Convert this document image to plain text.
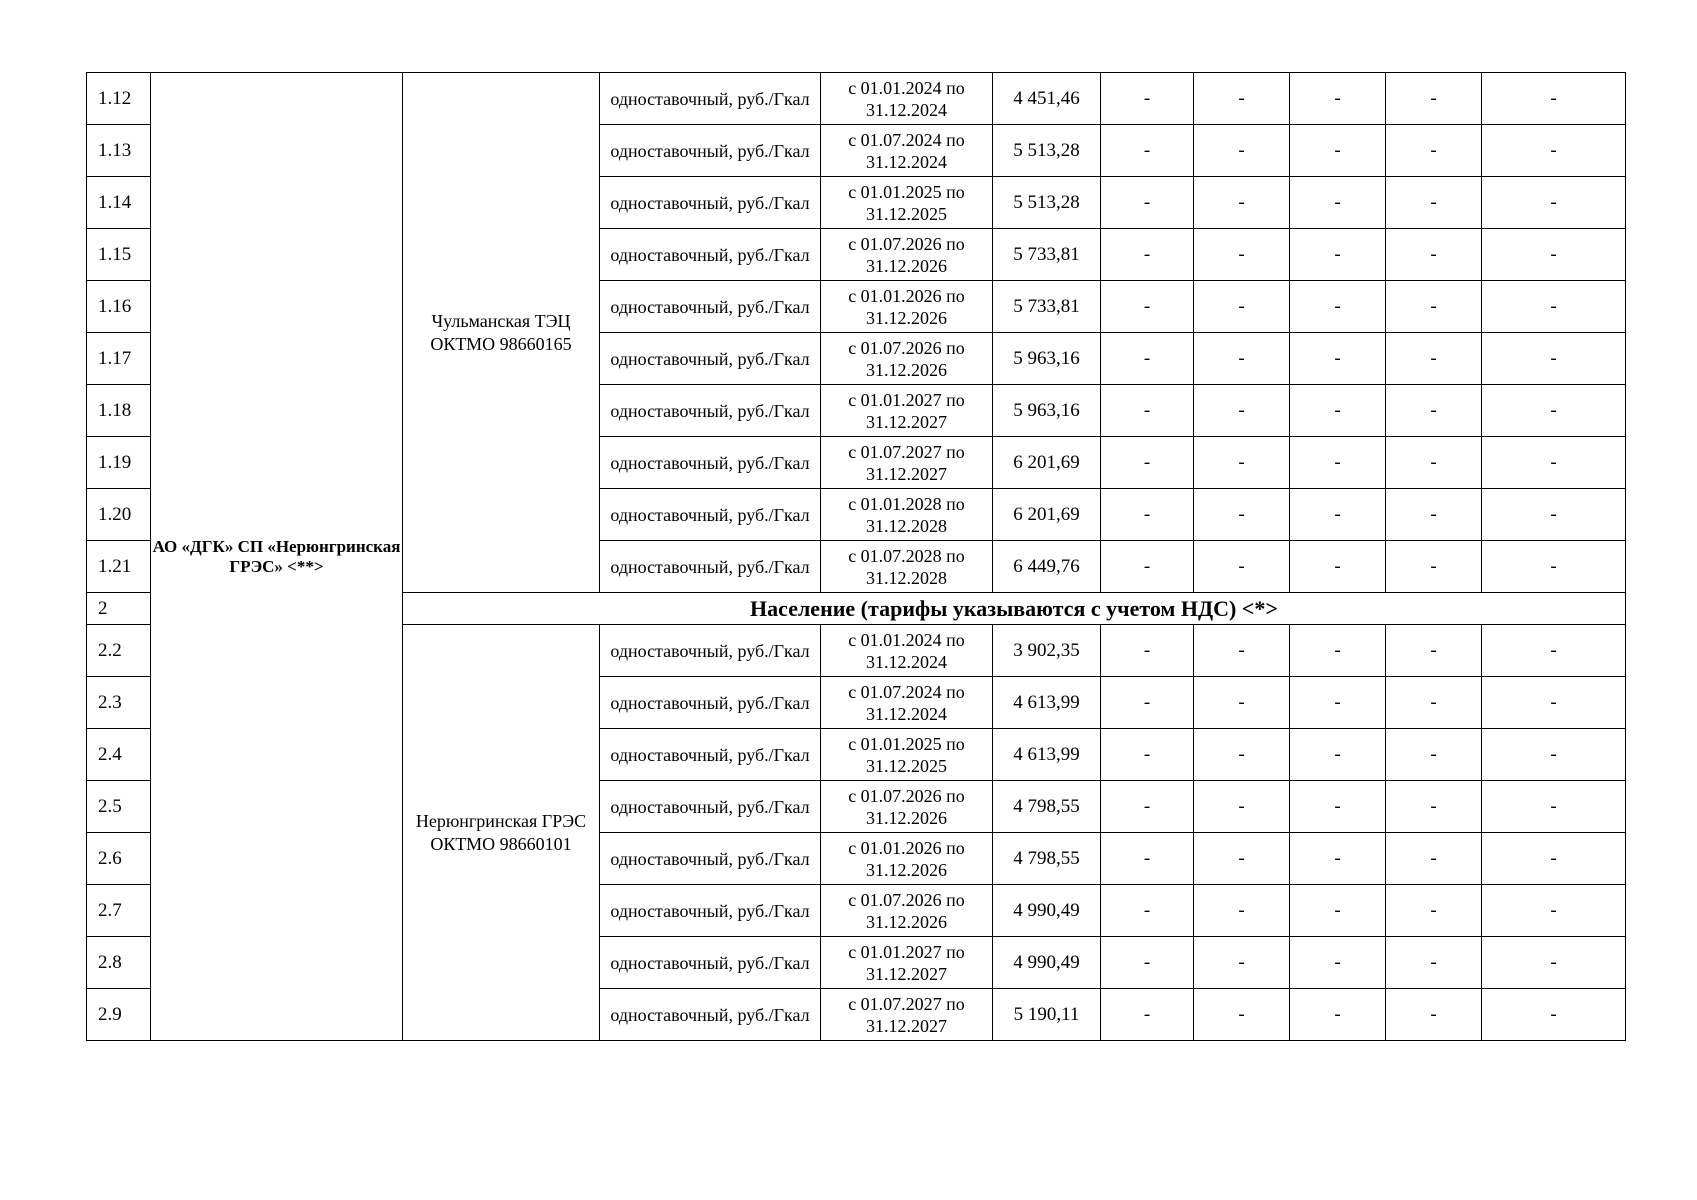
1.12	АО «ДГК» СП «Нерюнгринская ГРЭС» <**>	Чульманская ТЭЦ ОКТМО 98660165	одноставочный, руб./Гкал	с 01.01.2024 по 31.12.2024	4 451,46	-	-	-	-	-
1.13			одноставочный, руб./Гкал	с 01.07.2024 по 31.12.2024	5 513,28	-	-	-	-	-
1.14			одноставочный, руб./Гкал	с 01.01.2025 по 31.12.2025	5 513,28	-	-	-	-	-
1.15			одноставочный, руб./Гкал	с 01.07.2026 по 31.12.2026	5 733,81	-	-	-	-	-
1.16			одноставочный, руб./Гкал	с 01.01.2026 по 31.12.2026	5 733,81	-	-	-	-	-
1.17			одноставочный, руб./Гкал	с 01.07.2026 по 31.12.2026	5 963,16	-	-	-	-	-
1.18			одноставочный, руб./Гкал	с 01.01.2027 по 31.12.2027	5 963,16	-	-	-	-	-
1.19			одноставочный, руб./Гкал	с 01.07.2027 по 31.12.2027	6 201,69	-	-	-	-	-
1.20			одноставочный, руб./Гкал	с 01.01.2028 по 31.12.2028	6 201,69	-	-	-	-	-
1.21			одноставочный, руб./Гкал	с 01.07.2028 по 31.12.2028	6 449,76	-	-	-	-	-
2		Население (тарифы указываются с учетом НДС) <*>								
2.2		Нерюнгринская ГРЭС ОКТМО 98660101	одноставочный, руб./Гкал	с 01.01.2024 по 31.12.2024	3 902,35	-	-	-	-	-
2.3			одноставочный, руб./Гкал	с 01.07.2024 по 31.12.2024	4 613,99	-	-	-	-	-
2.4			одноставочный, руб./Гкал	с 01.01.2025 по 31.12.2025	4 613,99	-	-	-	-	-
2.5			одноставочный, руб./Гкал	с 01.07.2026 по 31.12.2026	4 798,55	-	-	-	-	-
2.6			одноставочный, руб./Гкал	с 01.01.2026 по 31.12.2026	4 798,55	-	-	-	-	-
2.7			одноставочный, руб./Гкал	с 01.07.2026 по 31.12.2026	4 990,49	-	-	-	-	-
2.8			одноставочный, руб./Гкал	с 01.01.2027 по 31.12.2027	4 990,49	-	-	-	-	-
2.9			одноставочный, руб./Гкал	с 01.07.2027 по 31.12.2027	5 190,11	-	-	-	-	-
